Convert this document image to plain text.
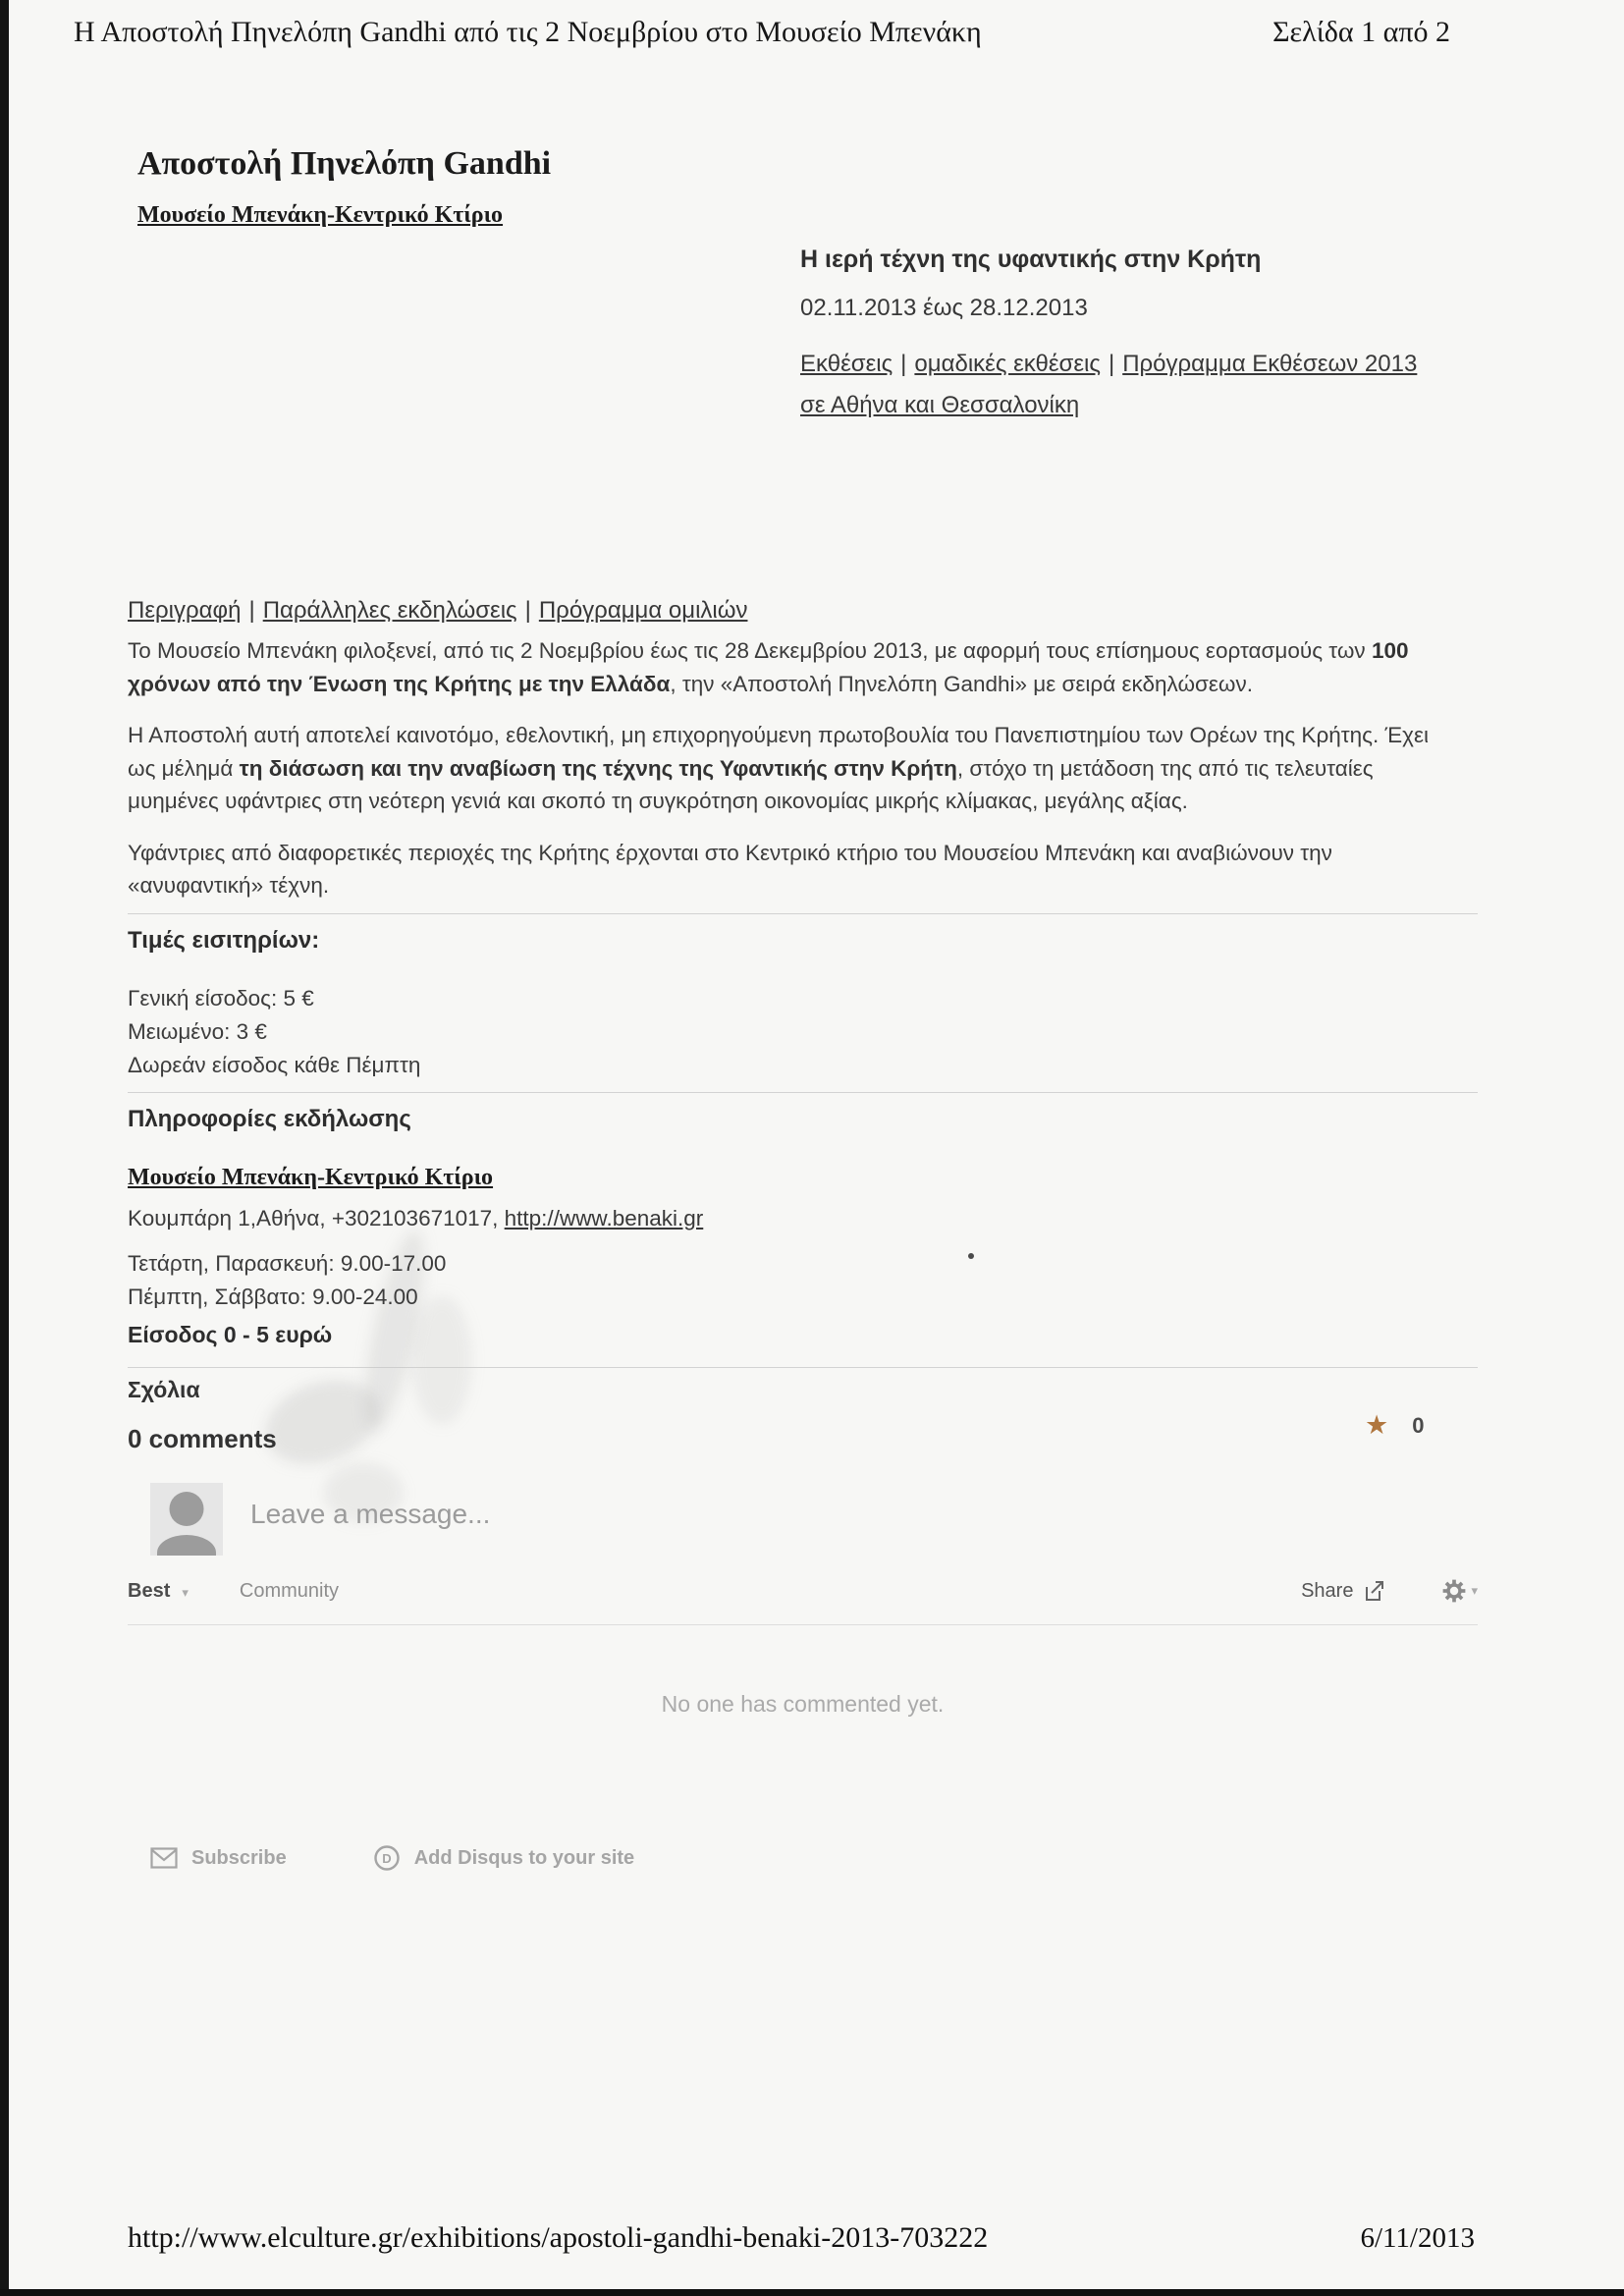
Η Αποστολή Πηνελόπη Gandhi από τις 2 Νοεμβρίου στο Μουσείο Μπενάκη	Σελίδα 1 από 2
Αποστολή Πηνελόπη Gandhi
Μουσείο Μπενάκη-Κεντρικό Κτίριο
Η ιερή τέχνη της υφαντικής στην Κρήτη
02.11.2013 έως 28.12.2013
Εκθέσεις | ομαδικές εκθέσεις | Πρόγραμμα Εκθέσεων 2013 σε Αθήνα και Θεσσαλονίκη
Περιγραφή | Παράλληλες εκδηλώσεις | Πρόγραμμα ομιλιών

Το Μουσείο Μπενάκη φιλοξενεί, από τις 2 Νοεμβρίου έως τις 28 Δεκεμβρίου 2013, με αφορμή τους επίσημους εορτασμούς των 100 χρόνων από την Ένωση της Κρήτης με την Ελλάδα, την «Αποστολή Πηνελόπη Gandhi» με σειρά εκδηλώσεων.

Η Αποστολή αυτή αποτελεί καινοτόμο, εθελοντική, μη επιχορηγούμενη πρωτοβουλία του Πανεπιστημίου των Ορέων της Κρήτης. Έχει ως μέλημά τη διάσωση και την αναβίωση της τέχνης της Υφαντικής στην Κρήτη, στόχο τη μετάδοση της από τις τελευταίες μυημένες υφάντριες στη νεότερη γενιά και σκοπό τη συγκρότηση οικονομίας μικρής κλίμακας, μεγάλης αξίας.

Υφάντριες από διαφορετικές περιοχές της Κρήτης έρχονται στο Κεντρικό κτήριο του Μουσείου Μπενάκη και αναβιώνουν την «ανυφαντική» τέχνη.

Τιμές εισιτηρίων:
Γενική είσοδος: 5 €
Μειωμένο: 3 €
Δωρεάν είσοδος κάθε Πέμπτη
Πληροφορίες εκδήλωσης
Μουσείο Μπενάκη-Κεντρικό Κτίριο
Κουμπάρη 1,Αθήνα, +302103671017, http://www.benaki.gr
Τετάρτη, Παρασκευή: 9.00-17.00
Πέμπτη, Σάββατο: 9.00-24.00
Είσοδος 0 - 5 ευρώ
Σχόλια
★ 0
0 comments
Leave a message...
Best ▾	Community	Share	▾
No one has commented yet.
Subscribe	D Add Disqus to your site
http://www.elculture.gr/exhibitions/apostoli-gandhi-benaki-2013-703222	6/11/2013
